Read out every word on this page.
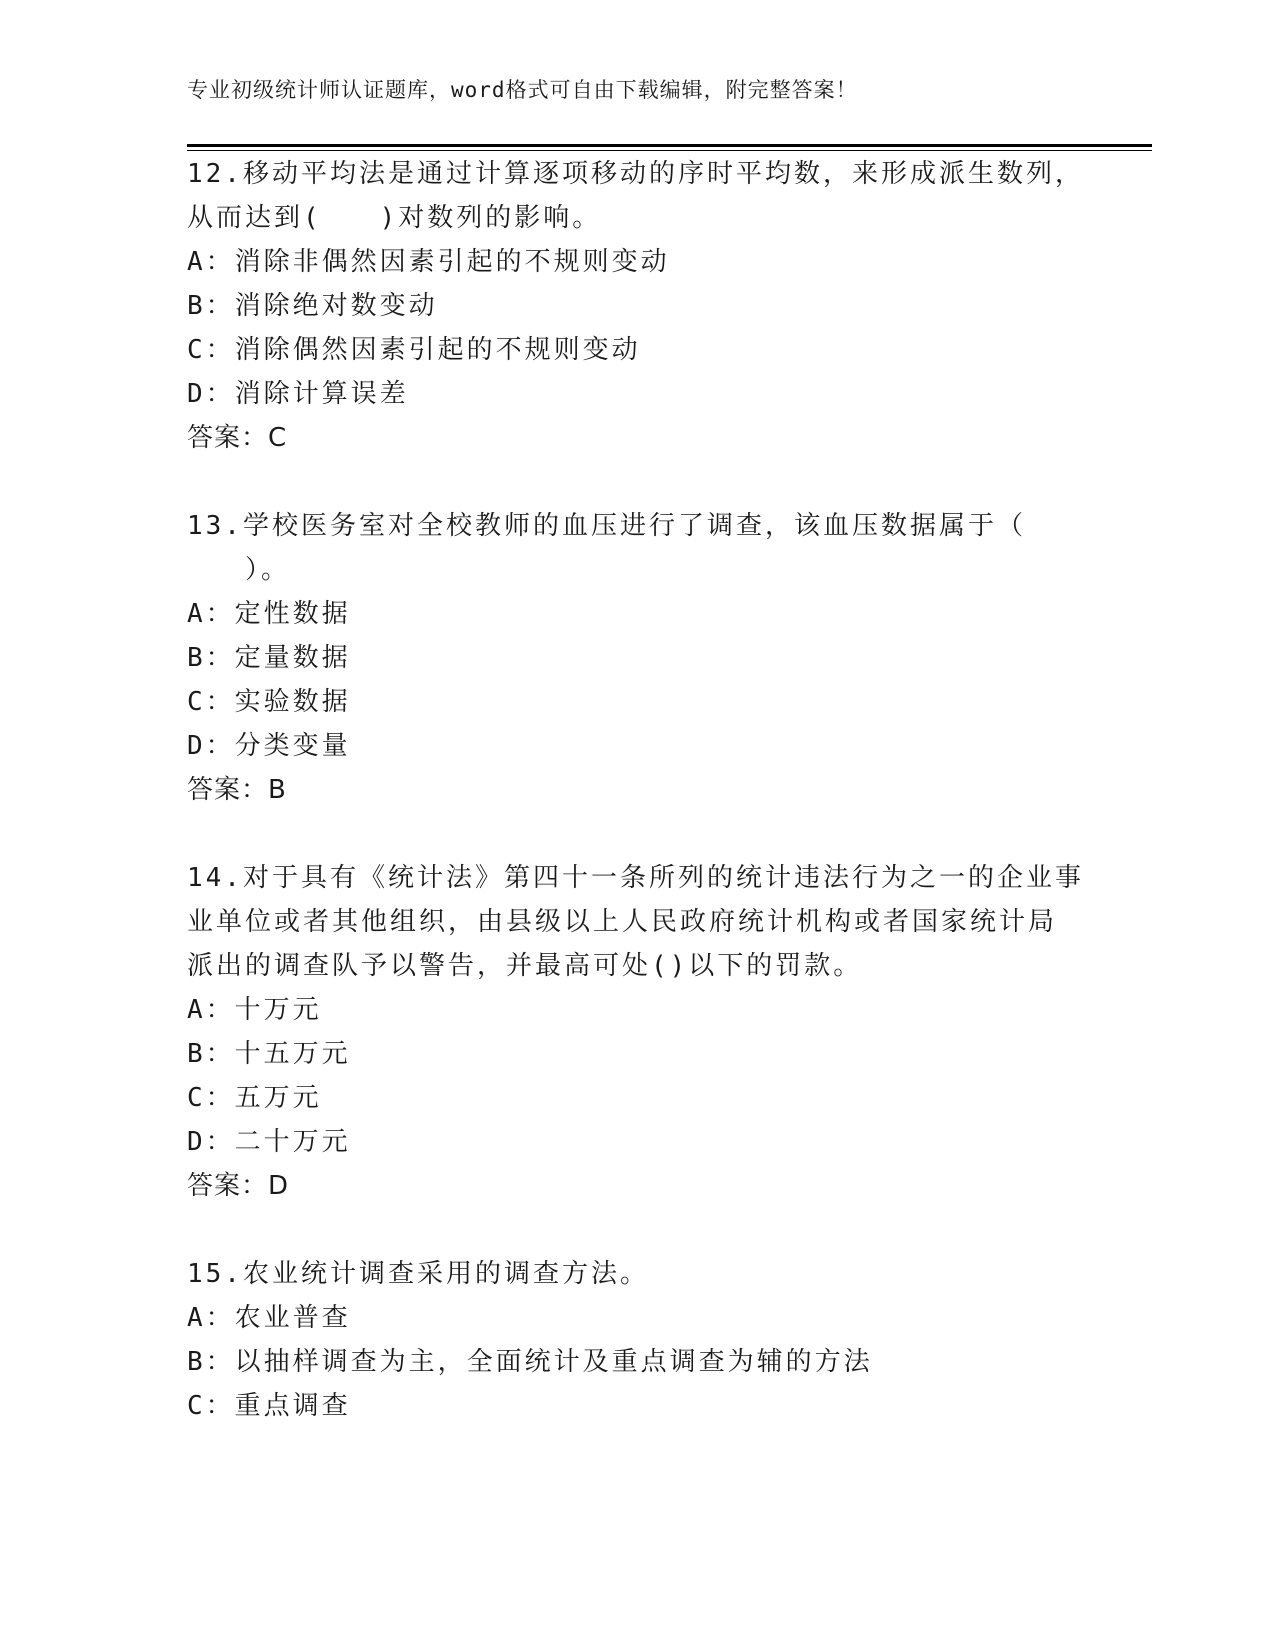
专业初级统计师认证题库，word格式可自由下载编辑，附完整答案！
12.移动平均法是通过计算逐项移动的序时平均数，来形成派生数列，
从而达到(　　)对数列的影响。
A：消除非偶然因素引起的不规则变动
B：消除绝对数变动
C：消除偶然因素引起的不规则变动
D：消除计算误差
答案：C
13.学校医务室对全校教师的血压进行了调查，该血压数据属于（
　　）。
A：定性数据
B：定量数据
C：实验数据
D：分类变量
答案：B
14.对于具有《统计法》第四十一条所列的统计违法行为之一的企业事
业单位或者其他组织，由县级以上人民政府统计机构或者国家统计局
派出的调查队予以警告，并最高可处()以下的罚款。
A：十万元
B：十五万元
C：五万元
D：二十万元
答案：D
15.农业统计调查采用的调查方法。
A：农业普查
B：以抽样调查为主，全面统计及重点调查为辅的方法
C：重点调查
